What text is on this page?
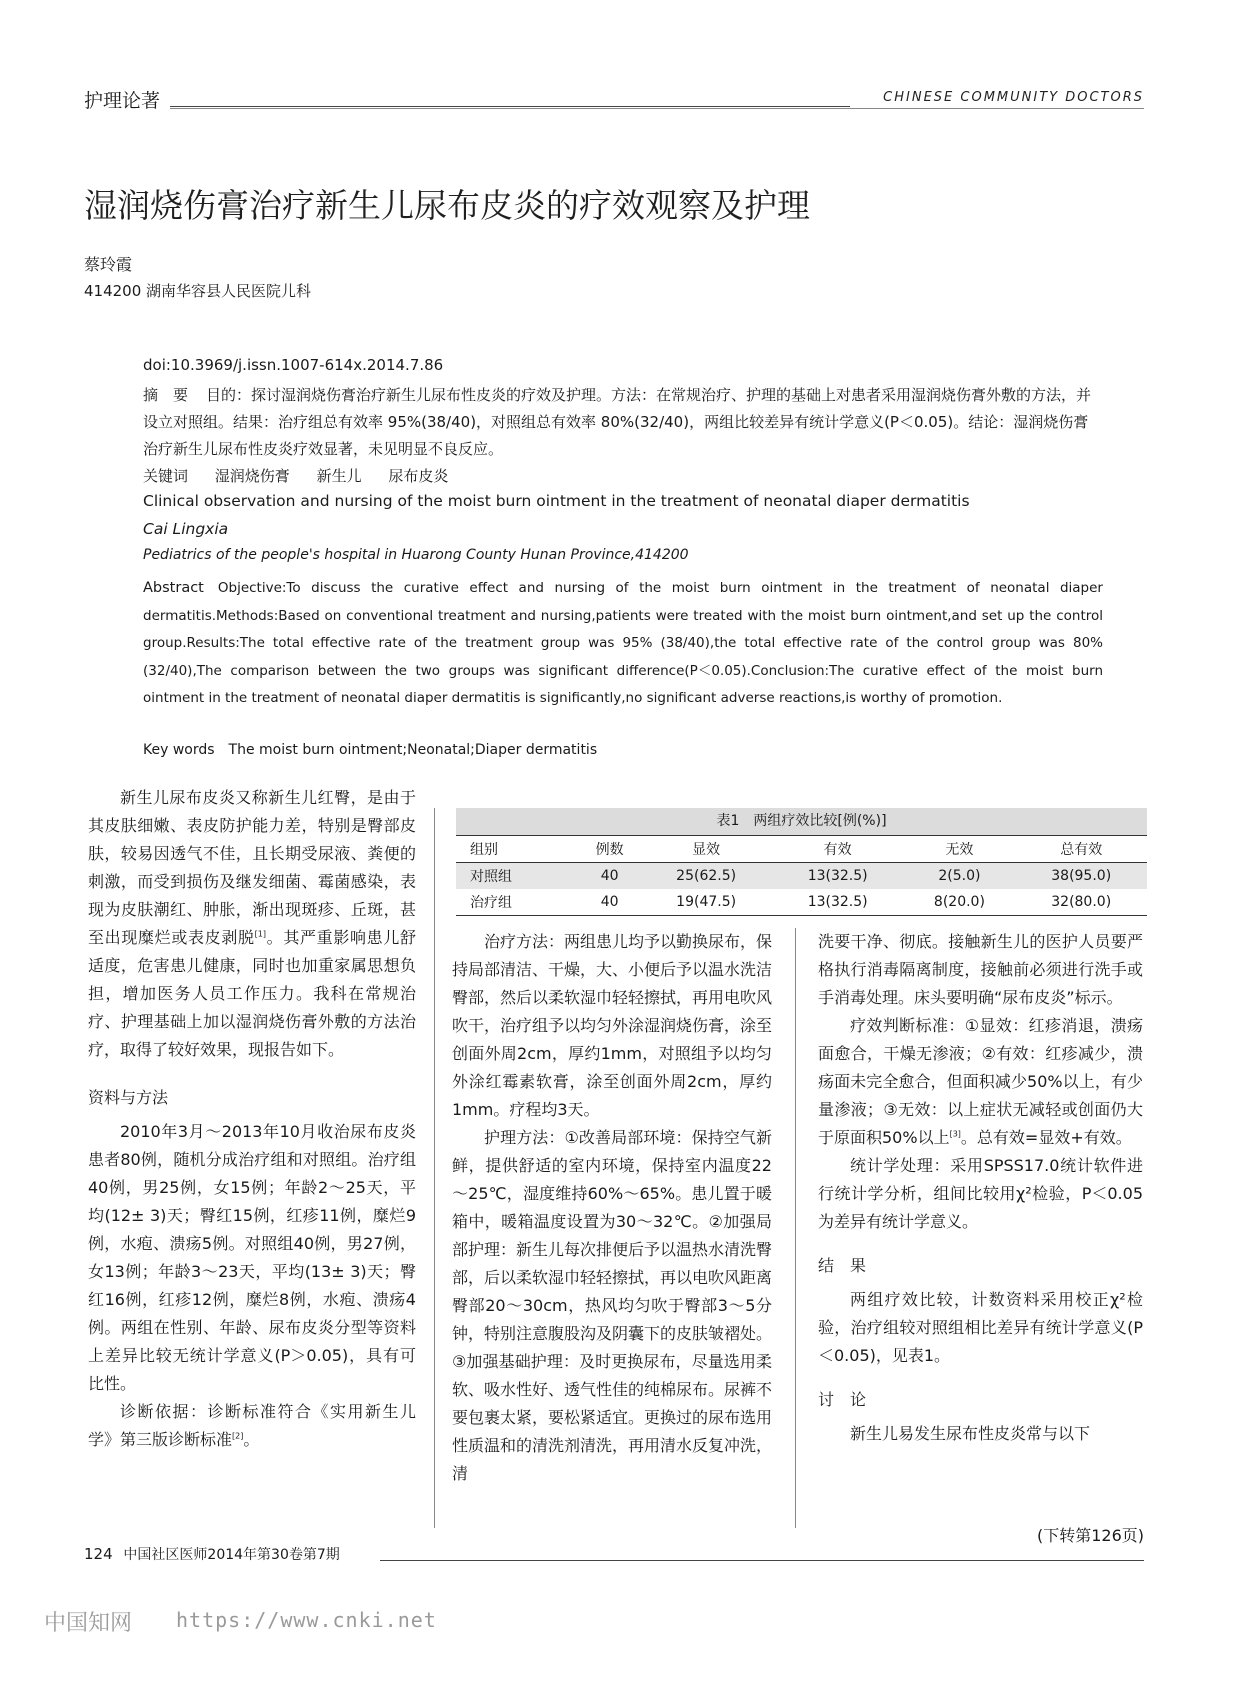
护理论著	CHINESE COMMUNITY DOCTORS
湿润烧伤膏治疗新生儿尿布皮炎的疗效观察及护理
蔡玲霞
414200 湖南华容县人民医院儿科
doi:10.3969/j.issn.1007-614x.2014.7.86
摘　要 目的：探讨湿润烧伤膏治疗新生儿尿布性皮炎的疗效及护理。方法：在常规治疗、护理的基础上对患者采用湿润烧伤膏外敷的方法，并设立对照组。结果：治疗组总有效率 95%(38/40)，对照组总有效率 80%(32/40)，两组比较差异有统计学意义(P＜0.05)。结论：湿润烧伤膏治疗新生儿尿布性皮炎疗效显著，未见明显不良反应。
关键词 湿润烧伤膏 新生儿 尿布皮炎
Clinical observation and nursing of the moist burn ointment in the treatment of neonatal diaper dermatitis
Cai Lingxia
Pediatrics of the people's hospital in Huarong County Hunan Province,414200
Abstract Objective:To discuss the curative effect and nursing of the moist burn ointment in the treatment of neonatal diaper dermatitis.Methods:Based on conventional treatment and nursing,patients were treated with the moist burn ointment,and set up the control group.Results:The total effective rate of the treatment group was 95% (38/40),the total effective rate of the control group was 80%(32/40),The comparison between the two groups was significant difference(P＜0.05).Conclusion:The curative effect of the moist burn ointment in the treatment of neonatal diaper dermatitis is significantly,no significant adverse reactions,is worthy of promotion.
Key words The moist burn ointment;Neonatal;Diaper dermatitis

新生儿尿布皮炎又称新生儿红臀，是由于其皮肤细嫩、表皮防护能力差，特别是臀部皮肤，较易因透气不佳，且长期受尿液、粪便的刺激，而受到损伤及继发细菌、霉菌感染，表现为皮肤潮红、肿胀，渐出现斑疹、丘斑，甚至出现糜烂或表皮剥脱[1]。其严重影响患儿舒适度，危害患儿健康，同时也加重家属思想负担，增加医务人员工作压力。我科在常规治疗、护理基础上加以湿润烧伤膏外敷的方法治疗，取得了较好效果，现报告如下。

资料与方法

2010年3月～2013年10月收治尿布皮炎患者80例，随机分成治疗组和对照组。治疗组40例，男25例，女15例；年龄2～25天，平均(12± 3)天；臀红15例，红疹11例，糜烂9例，水疱、溃疡5例。对照组40例，男27例，女13例；年龄3～23天，平均(13± 3)天；臀红16例，红疹12例，糜烂8例，水疱、溃疡4例。两组在性别、年龄、尿布皮炎分型等资料上差异比较无统计学意义(P＞0.05)，具有可比性。

诊断依据：诊断标准符合《实用新生儿学》第三版诊断标准[2]。

表1　两组疗效比较[例(%)]
组别	例数	显效	有效	无效	总有效
对照组	40	25(62.5)	13(32.5)	2(5.0)	38(95.0)
治疗组	40	19(47.5)	13(32.5)	8(20.0)	32(80.0)

治疗方法：两组患儿均予以勤换尿布，保持局部清洁、干燥，大、小便后予以温水洗洁臀部，然后以柔软湿巾轻轻擦拭，再用电吹风吹干，治疗组予以均匀外涂湿润烧伤膏，涂至创面外周2cm，厚约1mm，对照组予以均匀外涂红霉素软膏，涂至创面外周2cm，厚约1mm。疗程均3天。

护理方法：①改善局部环境：保持空气新鲜，提供舒适的室内环境，保持室内温度22～25℃，湿度维持60%～65%。患儿置于暖箱中，暖箱温度设置为30～32℃。②加强局部护理：新生儿每次排便后予以温热水清洗臀部，后以柔软湿巾轻轻擦拭，再以电吹风距离臀部20～30cm，热风均匀吹于臀部3～5分钟，特别注意腹股沟及阴囊下的皮肤皱褶处。③加强基础护理：及时更换尿布，尽量选用柔软、吸水性好、透气性佳的纯棉尿布。尿裤不要包裹太紧，要松紧适宜。更换过的尿布选用性质温和的清洗剂清洗，再用清水反复冲洗，清

洗要干净、彻底。接触新生儿的医护人员要严格执行消毒隔离制度，接触前必须进行洗手或手消毒处理。床头要明确“尿布皮炎”标示。

疗效判断标准：①显效：红疹消退，溃疡面愈合，干燥无渗液；②有效：红疹减少，溃疡面未完全愈合，但面积减少50%以上，有少量渗液；③无效：以上症状无减轻或创面仍大于原面积50%以上[3]。总有效=显效+有效。

统计学处理：采用SPSS17.0统计软件进行统计学分析，组间比较用χ²检验，P＜0.05为差异有统计学意义。

结　果

两组疗效比较，计数资料采用校正χ²检验，治疗组较对照组相比差异有统计学意义(P＜0.05)，见表1。

讨　论

新生儿易发生尿布性皮炎常与以下

(下转第126页)
124 中国社区医师2014年第30卷第7期
中国知网 https://www.cnki.net
